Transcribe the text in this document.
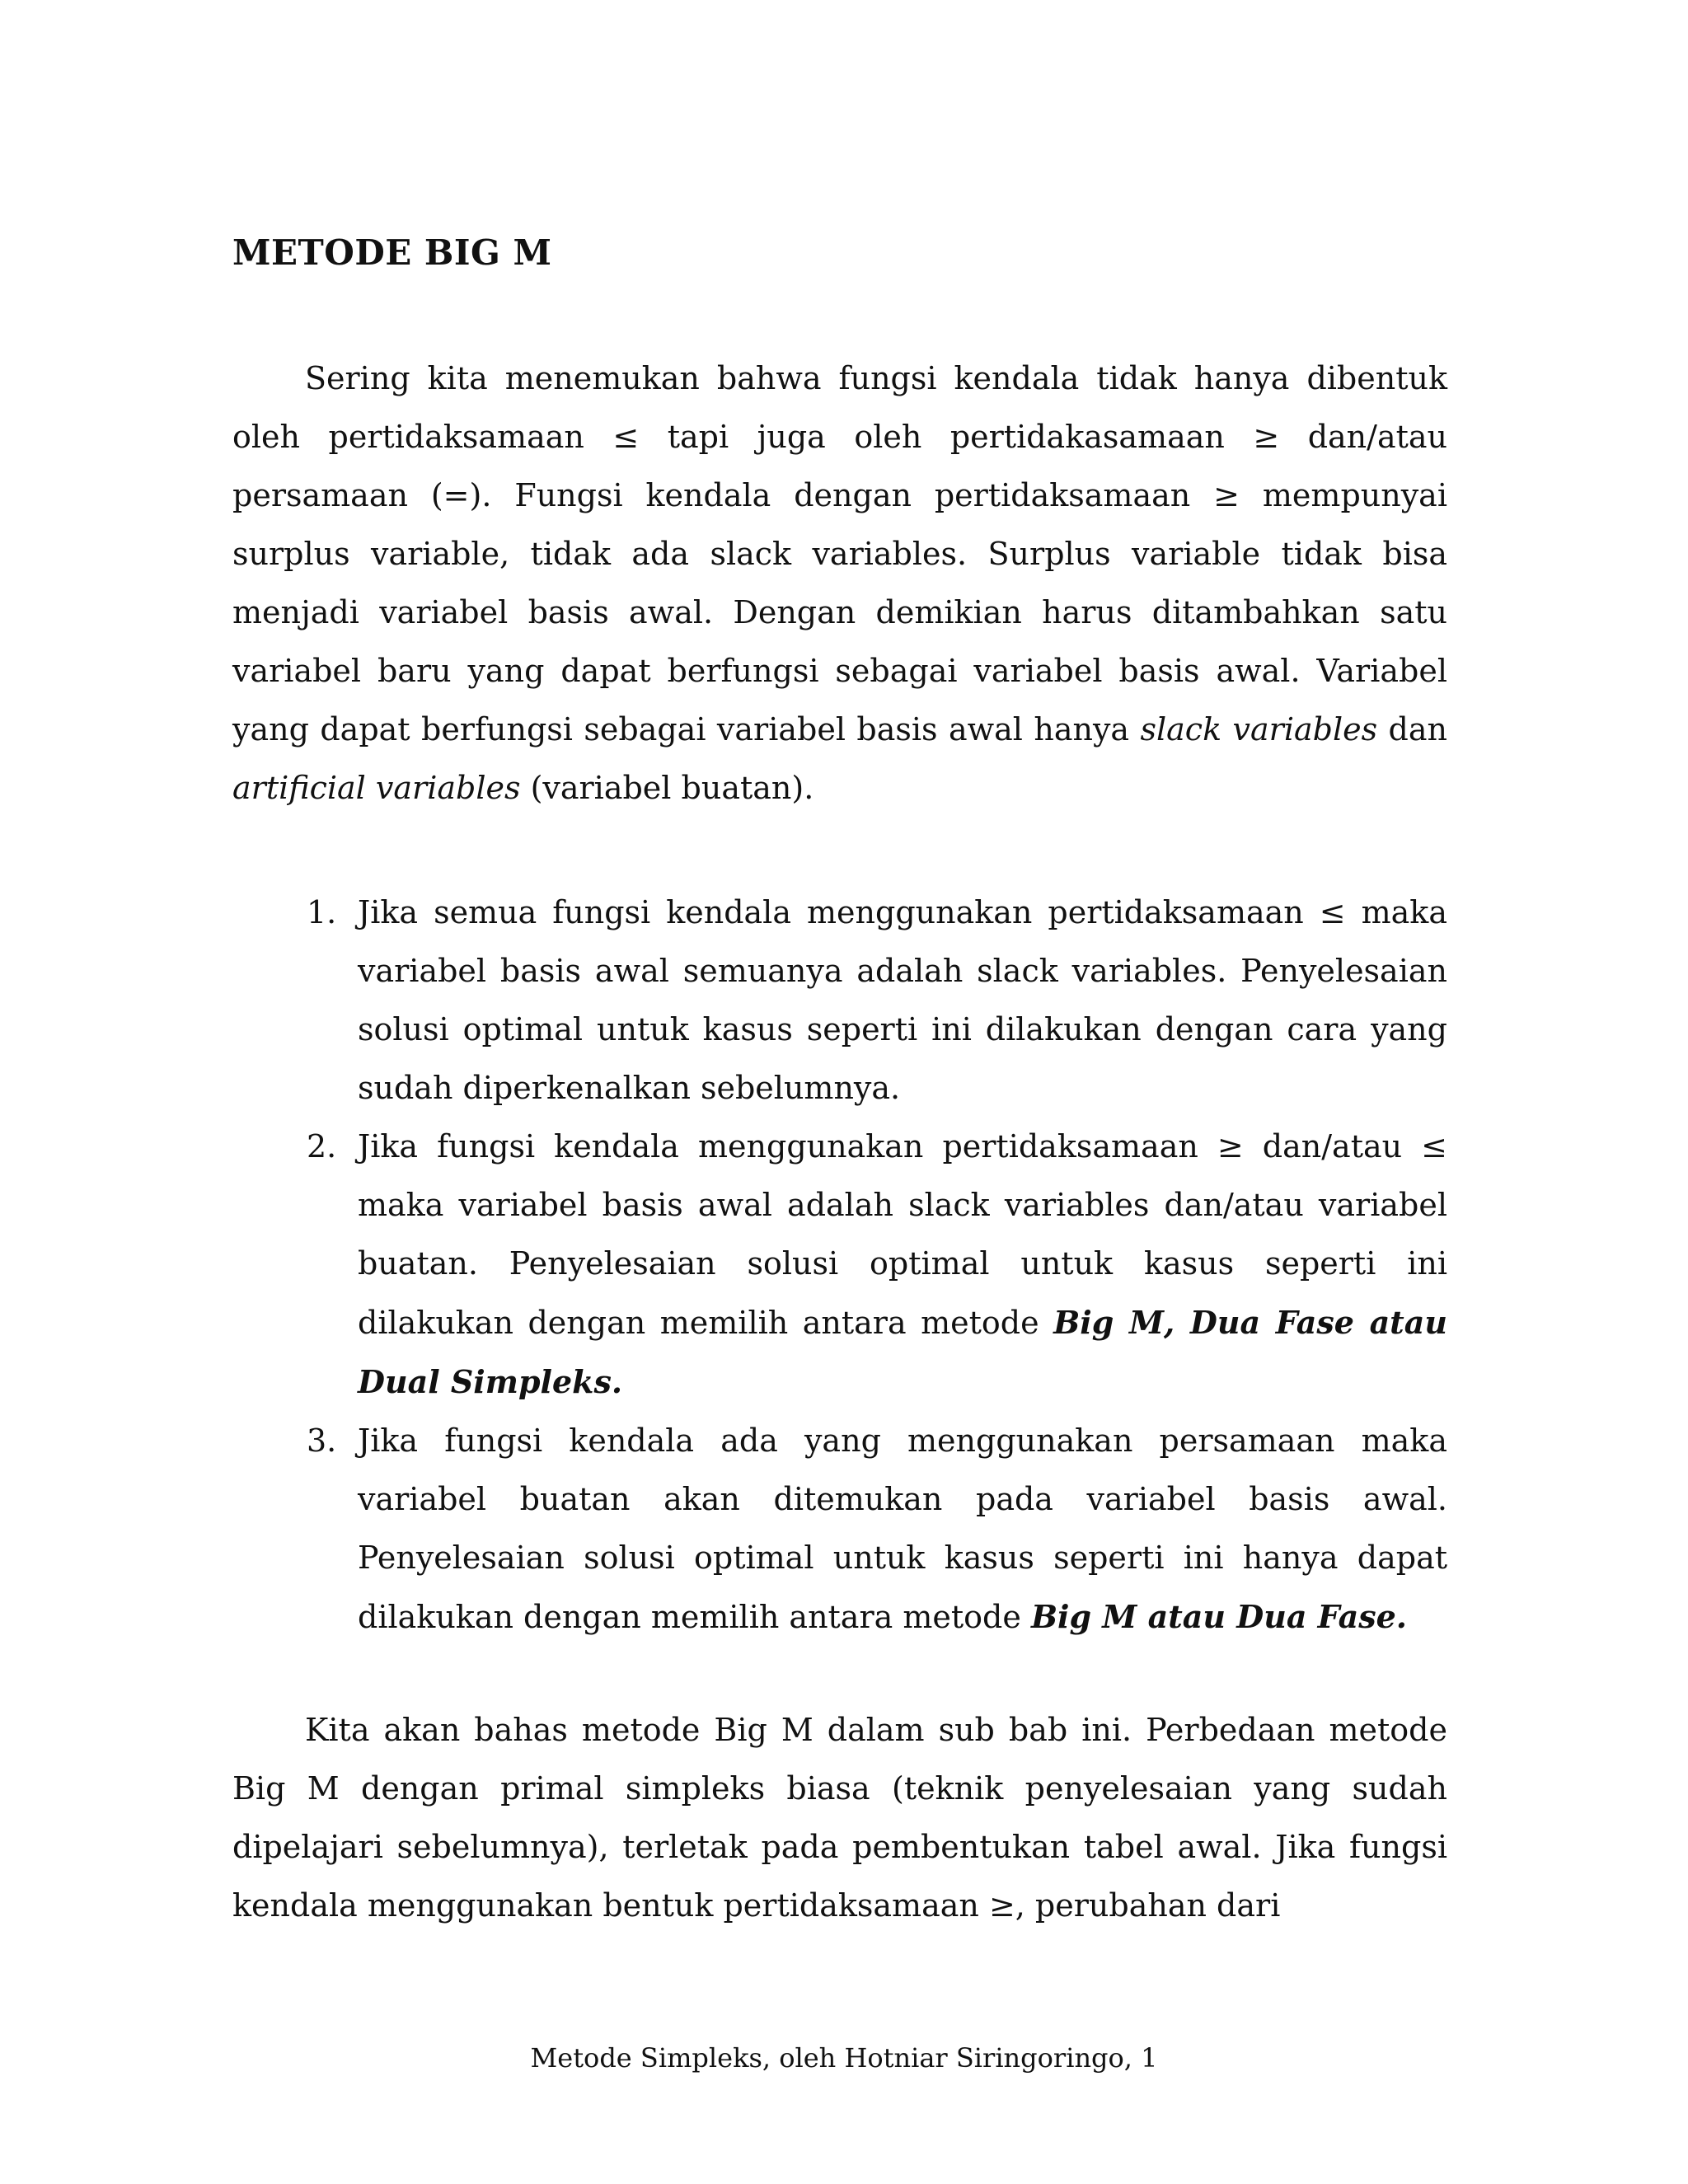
METODE BIG M

Sering kita menemukan bahwa fungsi kendala tidak hanya dibentuk oleh pertidaksamaan ≤ tapi juga oleh pertidakasamaan ≥ dan/atau persamaan (=). Fungsi kendala dengan pertidaksamaan ≥ mempunyai surplus variable, tidak ada slack variables. Surplus variable tidak bisa menjadi variabel basis awal. Dengan demikian harus ditambahkan satu variabel baru yang dapat berfungsi sebagai variabel basis awal. Variabel yang dapat berfungsi sebagai variabel basis awal hanya slack variables dan artificial variables (variabel buatan).

1. Jika semua fungsi kendala menggunakan pertidaksamaan ≤ maka variabel basis awal semuanya adalah slack variables. Penyelesaian solusi optimal untuk kasus seperti ini dilakukan dengan cara yang sudah diperkenalkan sebelumnya.
2. Jika fungsi kendala menggunakan pertidaksamaan ≥ dan/atau ≤ maka variabel basis awal adalah slack variables dan/atau variabel buatan. Penyelesaian solusi optimal untuk kasus seperti ini dilakukan dengan memilih antara metode Big M, Dua Fase atau Dual Simpleks.
3. Jika fungsi kendala ada yang menggunakan persamaan maka variabel buatan akan ditemukan pada variabel basis awal. Penyelesaian solusi optimal untuk kasus seperti ini hanya dapat dilakukan dengan memilih antara metode Big M atau Dua Fase.

Kita akan bahas metode Big M dalam sub bab ini. Perbedaan metode Big M dengan primal simpleks biasa (teknik penyelesaian yang sudah dipelajari sebelumnya), terletak pada pembentukan tabel awal. Jika fungsi kendala menggunakan bentuk pertidaksamaan ≥, perubahan dari

Metode Simpleks, oleh Hotniar Siringoringo, 1
